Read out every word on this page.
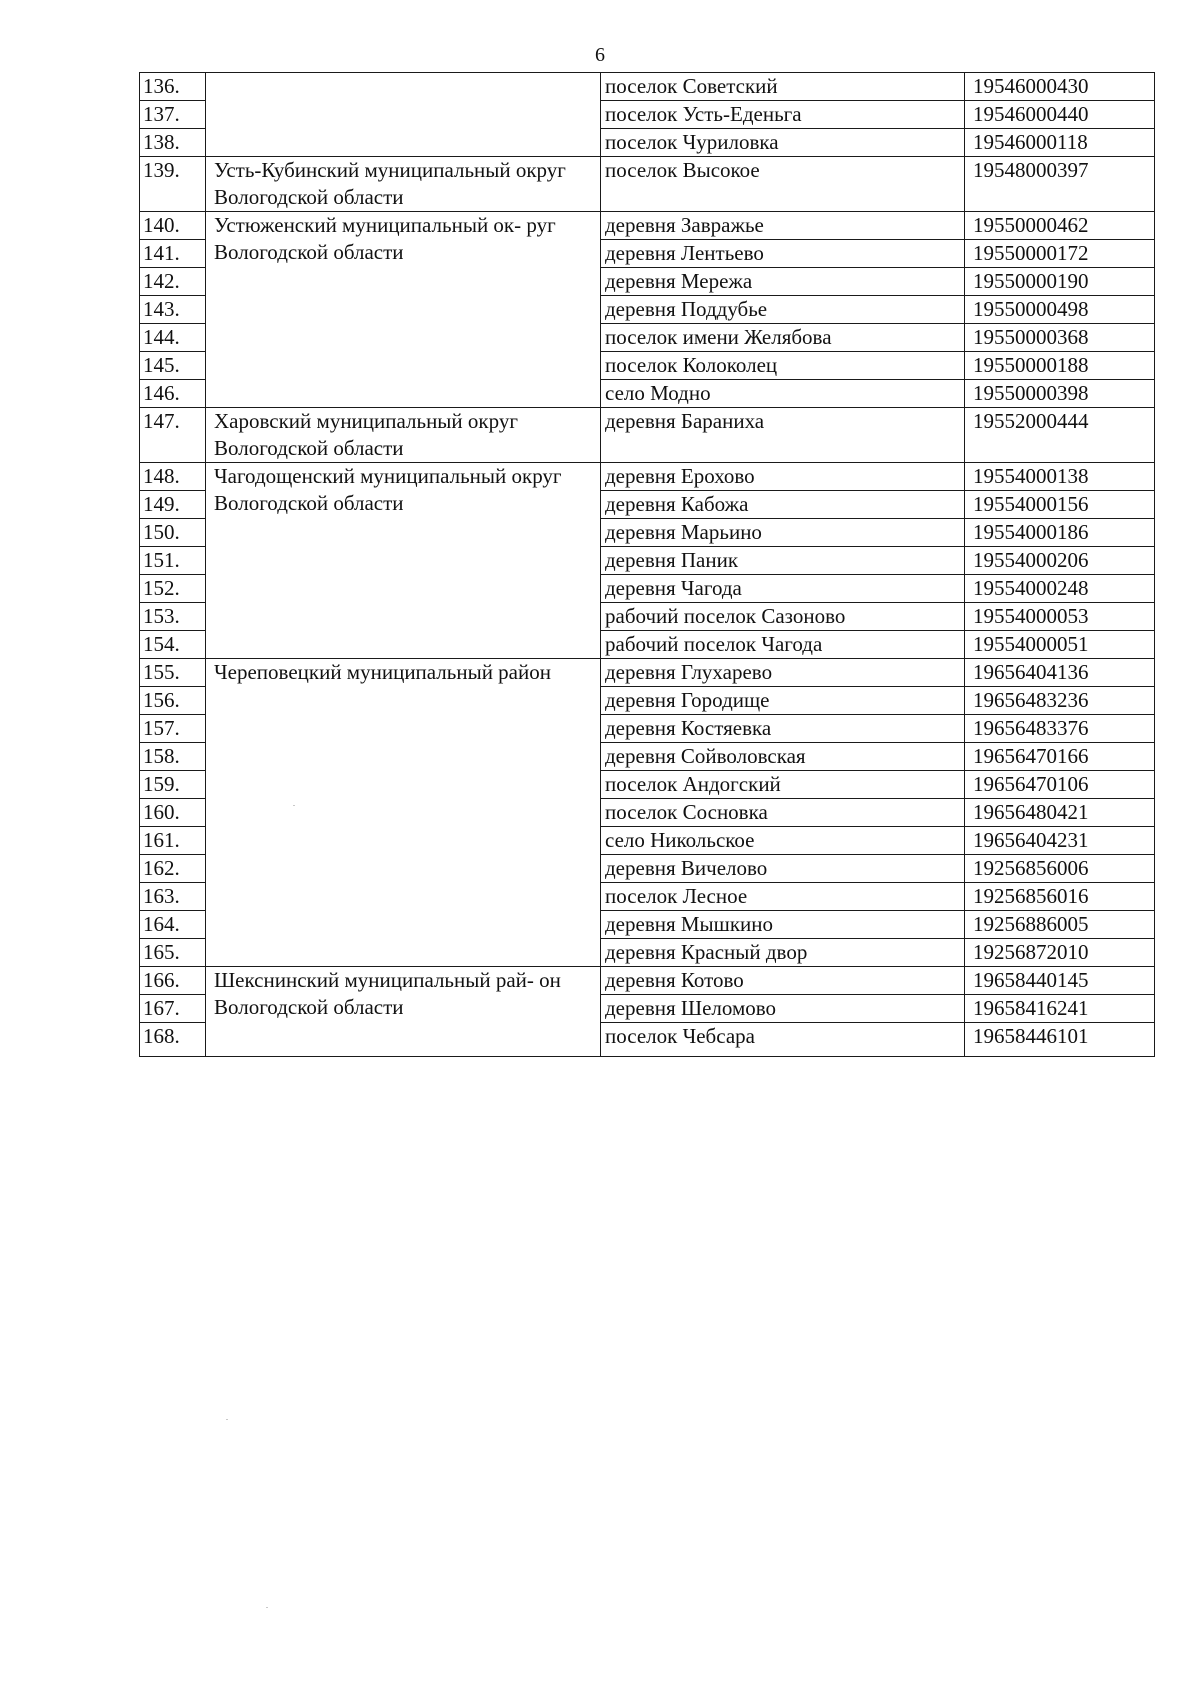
6
136.		поселок Советский	19546000430
137.		поселок Усть-Еденьга	19546000440
138.		поселок Чуриловка	19546000118
139.	Усть-Кубинский муниципальный округ Вологодской области	поселок Высокое	19548000397
140.	Устюженский муниципальный ок- руг Вологодской области	деревня Завражье	19550000462
141.		деревня Лентьево	19550000172
142.		деревня Мережа	19550000190
143.		деревня Поддубье	19550000498
144.		поселок имени Желябова	19550000368
145.		поселок Колоколец	19550000188
146.		село Модно	19550000398
147.	Харовский муниципальный округ Вологодской области	деревня Бараниха	19552000444
148.	Чагодощенский муниципальный округ Вологодской области	деревня Ерохово	19554000138
149.		деревня Кабожа	19554000156
150.		деревня Марьино	19554000186
151.		деревня Паник	19554000206
152.		деревня Чагода	19554000248
153.		рабочий поселок Сазоново	19554000053
154.		рабочий поселок Чагода	19554000051
155.	Череповецкий муниципальный район	деревня Глухарево	19656404136
156.		деревня Городище	19656483236
157.		деревня Костяевка	19656483376
158.		деревня Сойволовская	19656470166
159.		поселок Андогский	19656470106
160.		поселок Сосновка	19656480421
161.		село Никольское	19656404231
162.		деревня Вичелово	19256856006
163.		поселок Лесное	19256856016
164.		деревня Мышкино	19256886005
165.		деревня Красный двор	19256872010
166.	Шекснинский муниципальный рай- он Вологодской области	деревня Котово	19658440145
167.		деревня Шеломово	19658416241
168.		поселок Чебсара	19658446101
